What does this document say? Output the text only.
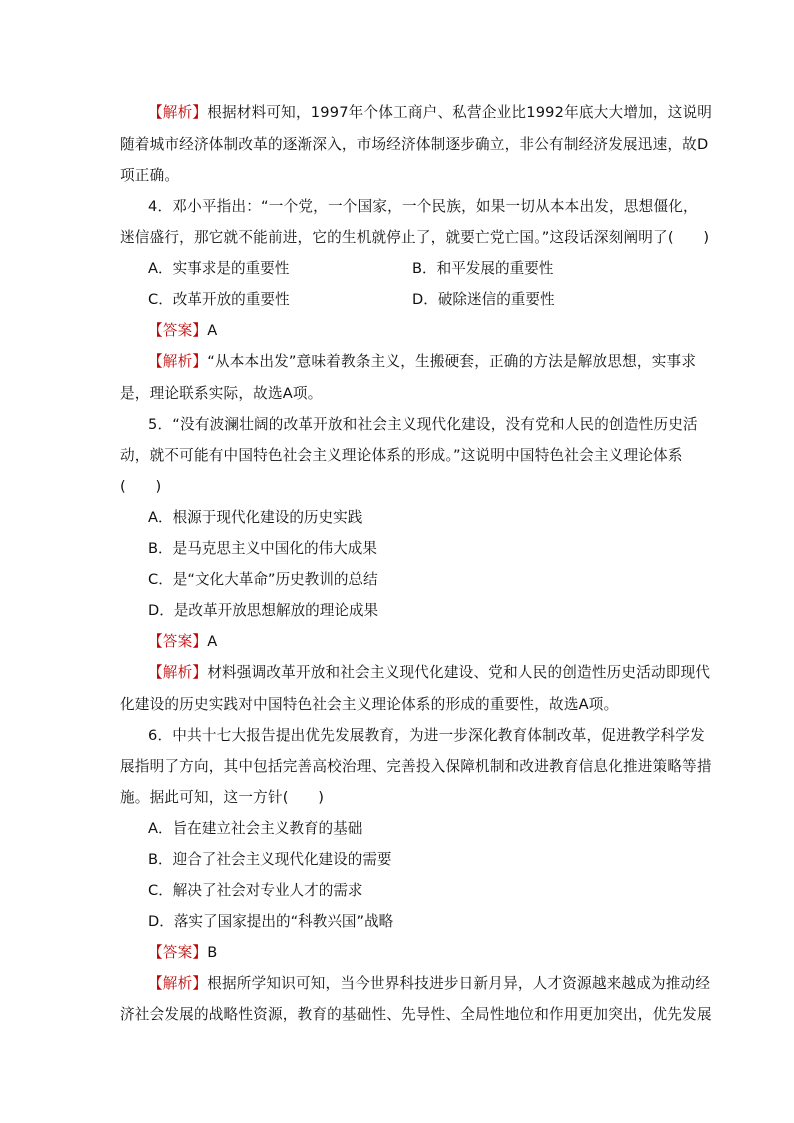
【解析】根据材料可知，1997年个体工商户、私营企业比1992年底大大增加，这说明
随着城市经济体制改革的逐渐深入，市场经济体制逐步确立，非公有制经济发展迅速，故D
项正确。
4．邓小平指出：“一个党，一个国家，一个民族，如果一切从本本出发，思想僵化，
迷信盛行，那它就不能前进，它的生机就停止了，就要亡党亡国。”这段话深刻阐明了(　　)
A．实事求是的重要性	B．和平发展的重要性
C．改革开放的重要性	D．破除迷信的重要性
【答案】A
【解析】“从本本出发”意味着教条主义，生搬硬套，正确的方法是解放思想，实事求
是，理论联系实际，故选A项。
5．“没有波澜壮阔的改革开放和社会主义现代化建设，没有党和人民的创造性历史活
动，就不可能有中国特色社会主义理论体系的形成。”这说明中国特色社会主义理论体系
(　　)
A．根源于现代化建设的历史实践
B．是马克思主义中国化的伟大成果
C．是“文化大革命”历史教训的总结
D．是改革开放思想解放的理论成果
【答案】A
【解析】材料强调改革开放和社会主义现代化建设、党和人民的创造性历史活动即现代
化建设的历史实践对中国特色社会主义理论体系的形成的重要性，故选A项。
6．中共十七大报告提出优先发展教育，为进一步深化教育体制改革，促进教学科学发
展指明了方向，其中包括完善高校治理、完善投入保障机制和改进教育信息化推进策略等措
施。据此可知，这一方针(　　)
A．旨在建立社会主义教育的基础
B．迎合了社会主义现代化建设的需要
C．解决了社会对专业人才的需求
D．落实了国家提出的“科教兴国”战略
【答案】B
【解析】根据所学知识可知，当今世界科技进步日新月异，人才资源越来越成为推动经
济社会发展的战略性资源，教育的基础性、先导性、全局性地位和作用更加突出，优先发展
